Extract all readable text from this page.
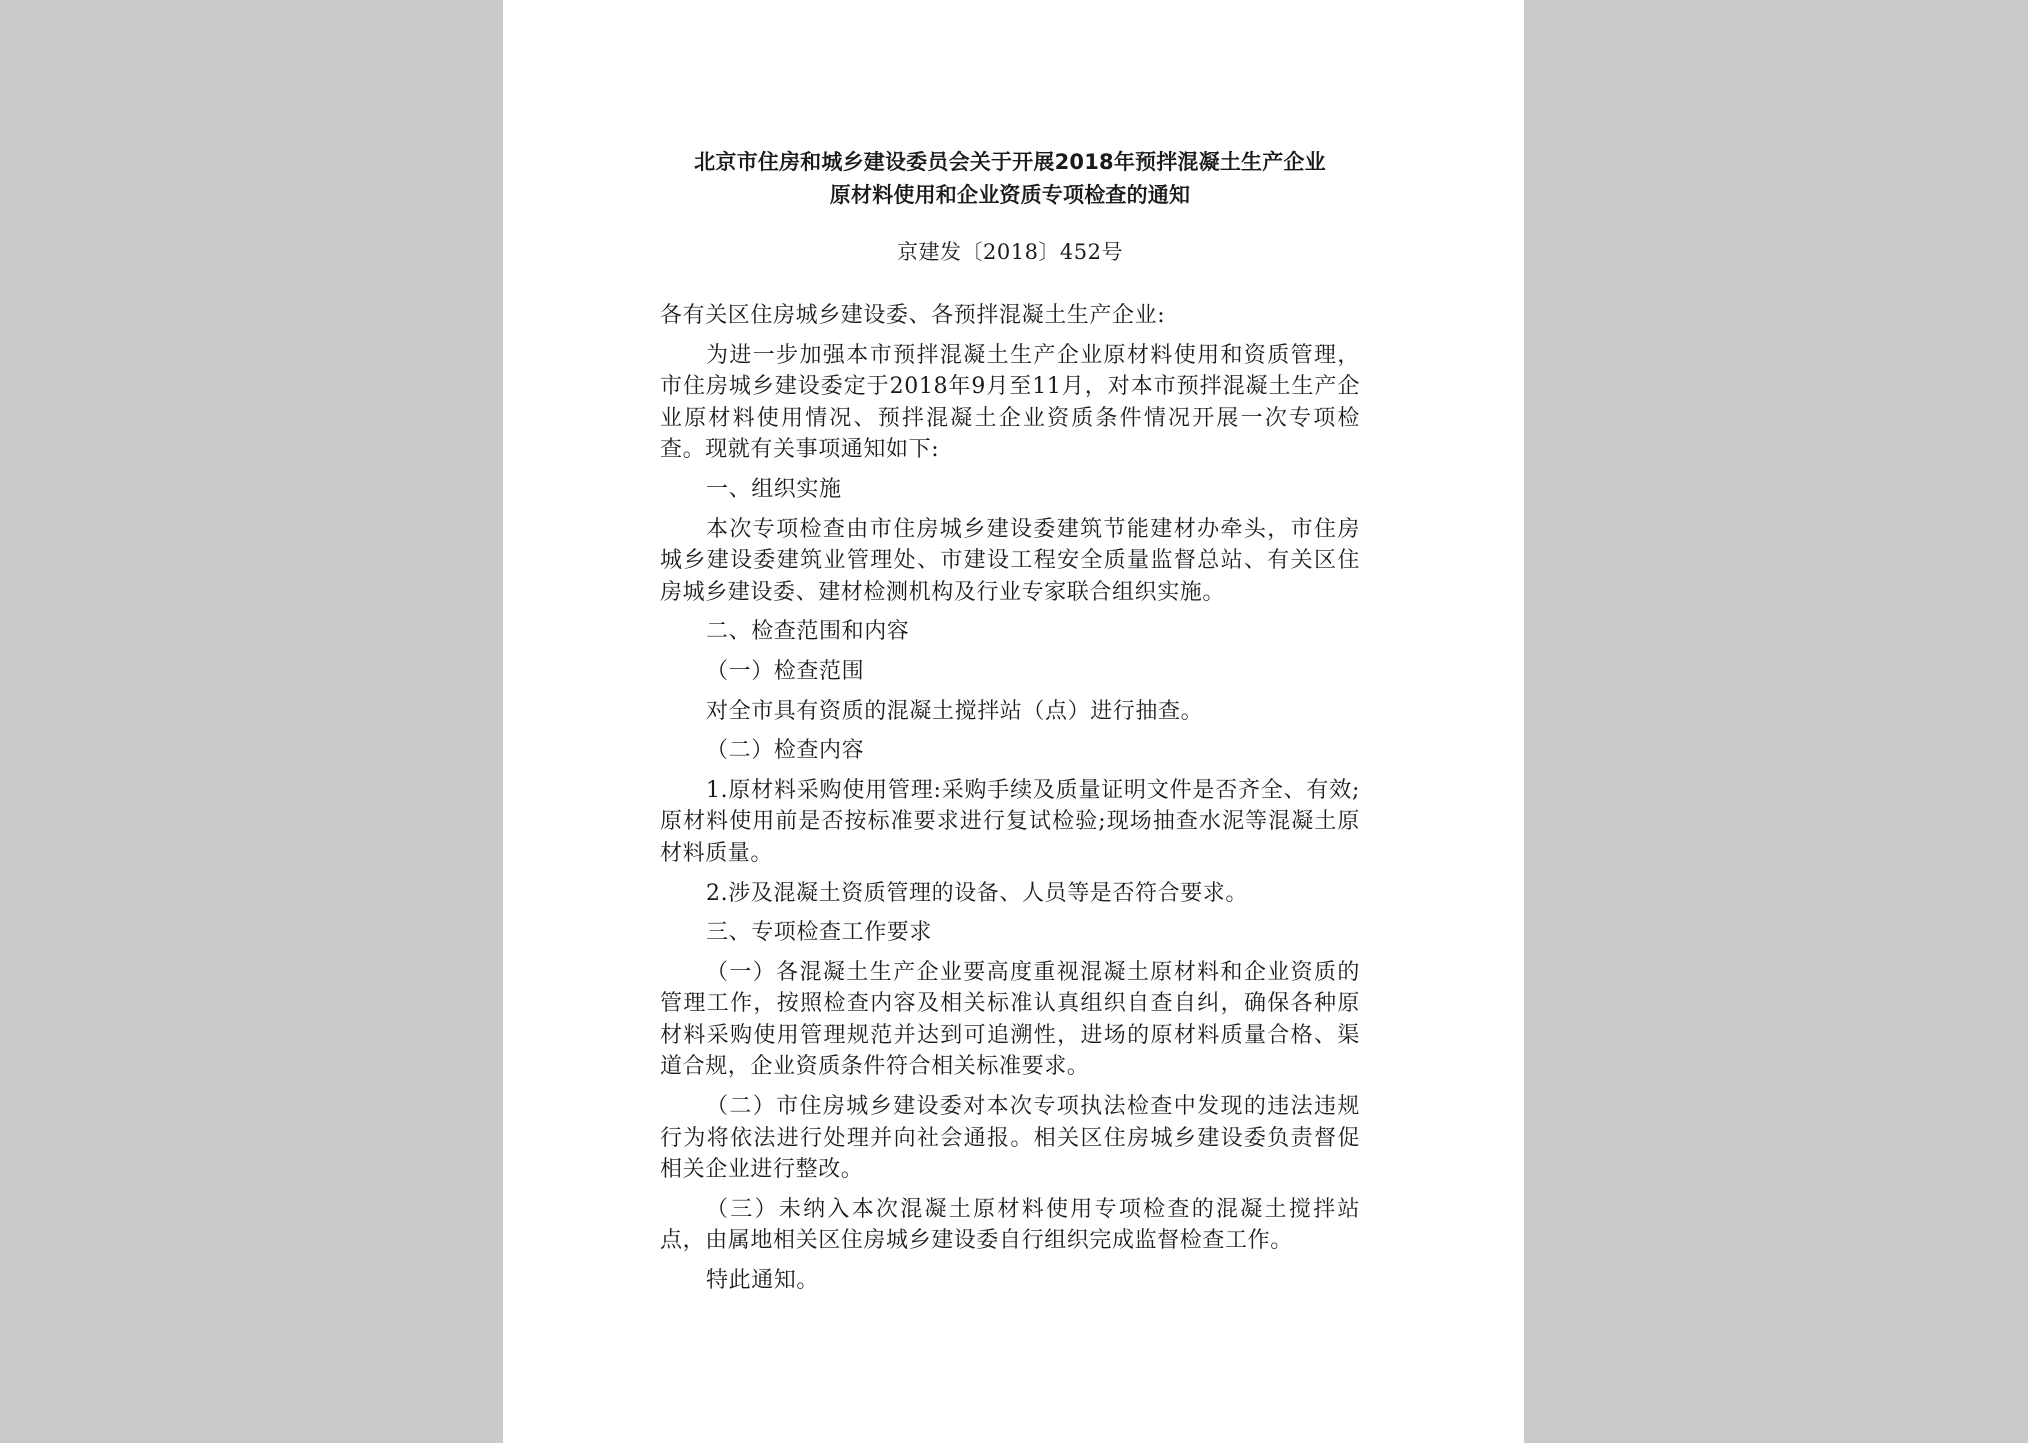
北京市住房和城乡建设委员会关于开展2018年预拌混凝土生产企业
原材料使用和企业资质专项检查的通知
京建发〔2018〕452号

各有关区住房城乡建设委、各预拌混凝土生产企业:

为进一步加强本市预拌混凝土生产企业原材料使用和资质管理，市住房城乡建设委定于2018年9月至11月，对本市预拌混凝土生产企业原材料使用情况、预拌混凝土企业资质条件情况开展一次专项检查。现就有关事项通知如下:

一、组织实施

本次专项检查由市住房城乡建设委建筑节能建材办牵头，市住房城乡建设委建筑业管理处、市建设工程安全质量监督总站、有关区住房城乡建设委、建材检测机构及行业专家联合组织实施。

二、检查范围和内容

（一）检查范围

对全市具有资质的混凝土搅拌站（点）进行抽查。

（二）检查内容

1.原材料采购使用管理:采购手续及质量证明文件是否齐全、有效;原材料使用前是否按标准要求进行复试检验;现场抽查水泥等混凝土原材料质量。

2.涉及混凝土资质管理的设备、人员等是否符合要求。

三、专项检查工作要求

（一）各混凝土生产企业要高度重视混凝土原材料和企业资质的管理工作，按照检查内容及相关标准认真组织自查自纠，确保各种原材料采购使用管理规范并达到可追溯性，进场的原材料质量合格、渠道合规，企业资质条件符合相关标准要求。

（二）市住房城乡建设委对本次专项执法检查中发现的违法违规行为将依法进行处理并向社会通报。相关区住房城乡建设委负责督促相关企业进行整改。

（三）未纳入本次混凝土原材料使用专项检查的混凝土搅拌站点，由属地相关区住房城乡建设委自行组织完成监督检查工作。

特此通知。
